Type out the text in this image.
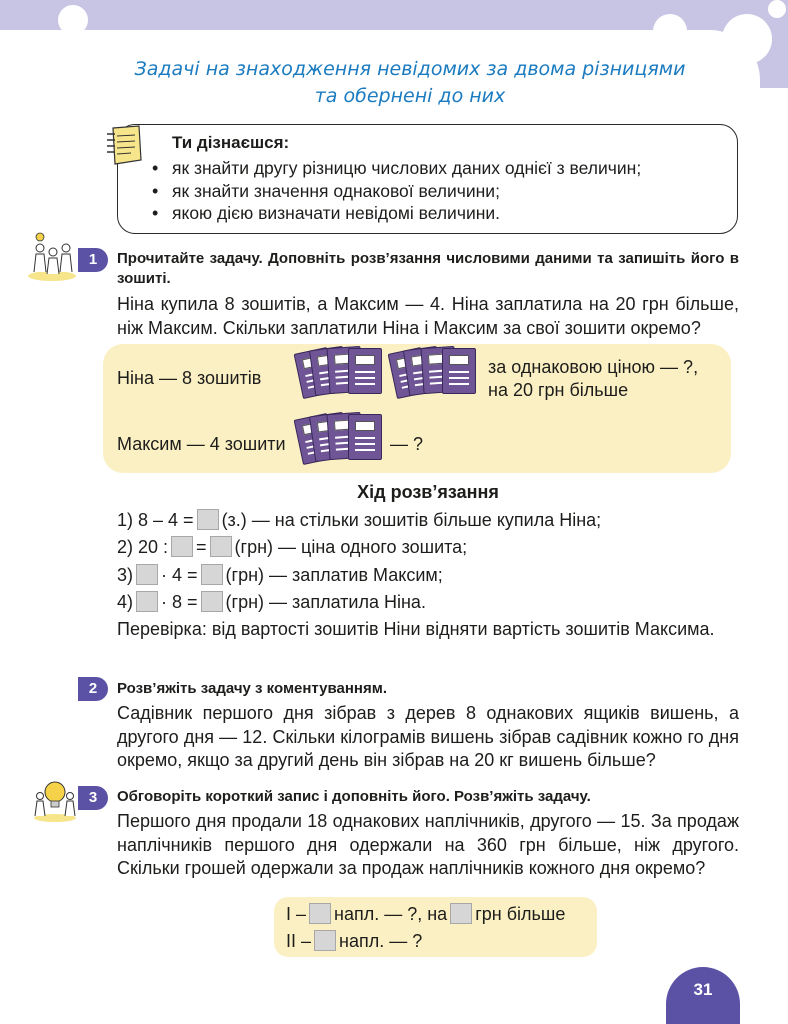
Задачі на знаходження невідомих за двома різницями
та обернені до них
Ти дізнаєшся:
• як знайти другу різницю числових даних однієї з величин;
• як знайти значення однакової величини;
• якою дією визначати невідомі величини.
1	Прочитайте задачу. Доповніть розв’язання числовими даними та запишіть його в зошиті.
Ніна купила 8 зошитів, а Максим — 4. Ніна заплатила на 20 грн більше, ніж Максим. Скільки заплатили Ніна і Максим за свої зошити окремо?
Ніна — 8 зошитів
за однаковою ціною — ?,
на 20 грн більше
Максим — 4 зошити	— ?
Хід розв’язання
1) 8 – 4 = (з.) — на стільки зошитів більше купила Ніна;
2) 20 : = (грн) — ціна одного зошита;
3) · 4 = (грн) — заплатив Максим;
4) · 8 = (грн) — заплатила Ніна.
Перевірка: від вартості зошитів Ніни відняти вартість зошитів Максима.
2	Розв’яжіть задачу з коментуванням.
Садівник першого дня зібрав з дерев 8 однакових ящиків вишень, а другого дня — 12. Скільки кілограмів вишень зібрав садівник кожно го дня окремо, якщо за другий день він зібрав на 20 кг вишень більше?
3	Обговоріть короткий запис і доповніть його. Розв’яжіть задачу.
Першого дня продали 18 однакових наплічників, другого — 15. За продаж наплічників першого дня одержали на 360 грн більше, ніж другого. Скільки грошей одержали за продаж наплічників кожного дня окремо?
I – напл. — ?, на грн більше
II – напл. — ?
31
